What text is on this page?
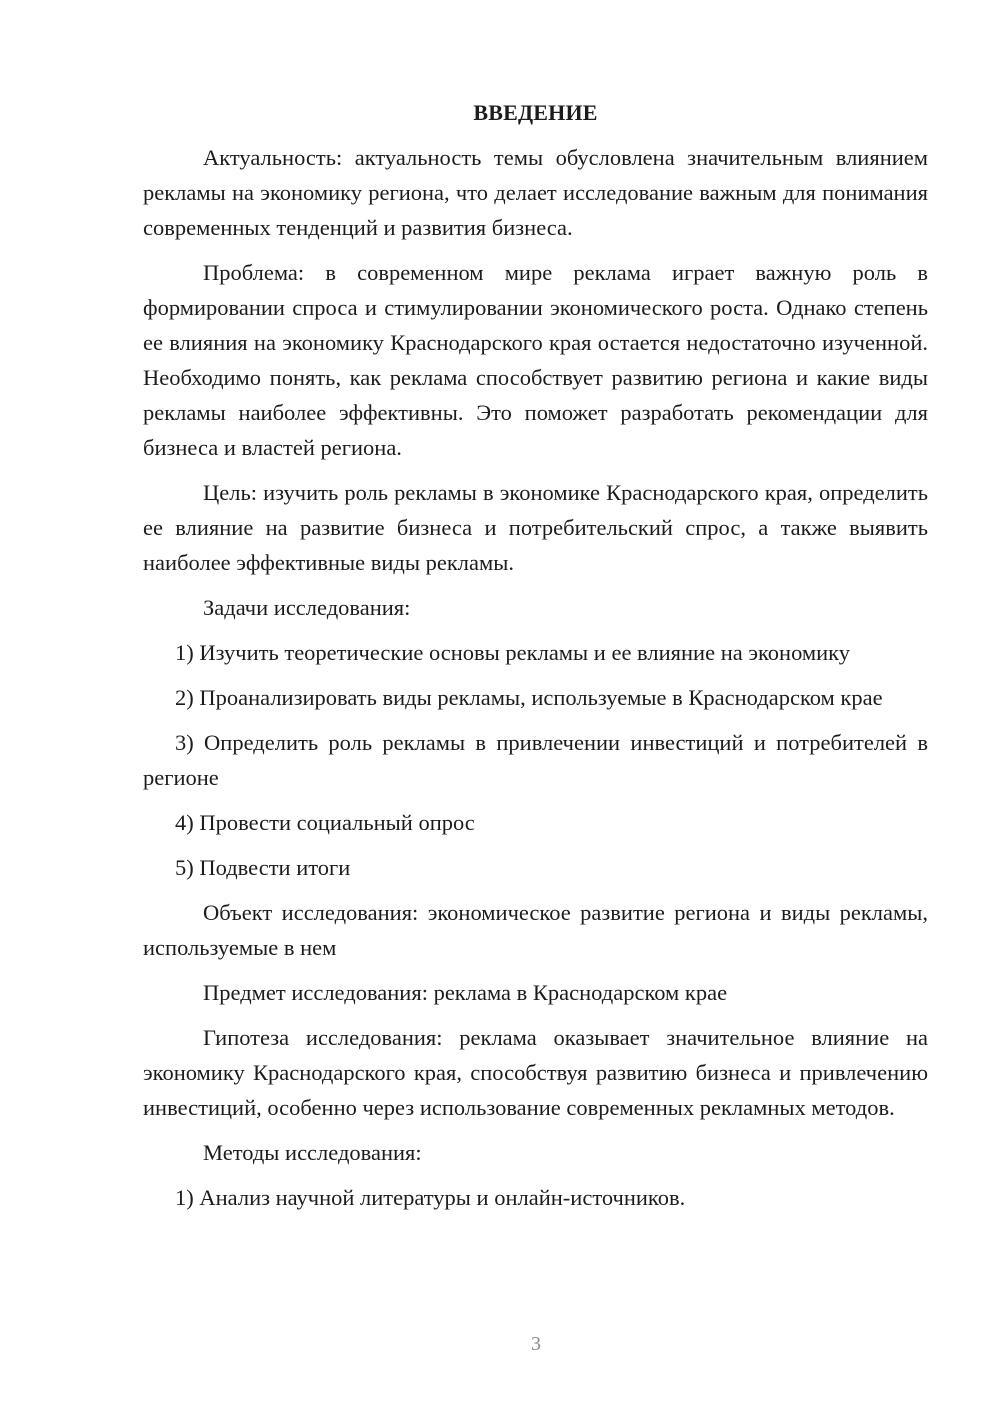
ВВЕДЕНИЕ

Актуальность: актуальность темы обусловлена значительным влиянием рекламы на экономику региона, что делает исследование важным для понимания современных тенденций и развития бизнеса.

Проблема: в современном мире реклама играет важную роль в формировании спроса и стимулировании экономического роста. Однако степень ее влияния на экономику Краснодарского края остается недостаточно изученной. Необходимо понять, как реклама способствует развитию региона и какие виды рекламы наиболее эффективны. Это поможет разработать рекомендации для бизнеса и властей региона.

Цель: изучить роль рекламы в экономике Краснодарского края, определить ее влияние на развитие бизнеса и потребительский спрос, а также выявить наиболее эффективные виды рекламы.

Задачи исследования:

1) Изучить теоретические основы рекламы и ее влияние на экономику

2) Проанализировать виды рекламы, используемые в Краснодарском крае

3) Определить роль рекламы в привлечении инвестиций и потребителей в регионе

4) Провести социальный опрос

5) Подвести итоги

Объект исследования: экономическое развитие региона и виды рекламы, используемые в нем

Предмет исследования: реклама в Краснодарском крае

Гипотеза исследования: реклама оказывает значительное влияние на экономику Краснодарского края, способствуя развитию бизнеса и привлечению инвестиций, особенно через использование современных рекламных методов.

Методы исследования:

1) Анализ научной литературы и онлайн-источников.

3
